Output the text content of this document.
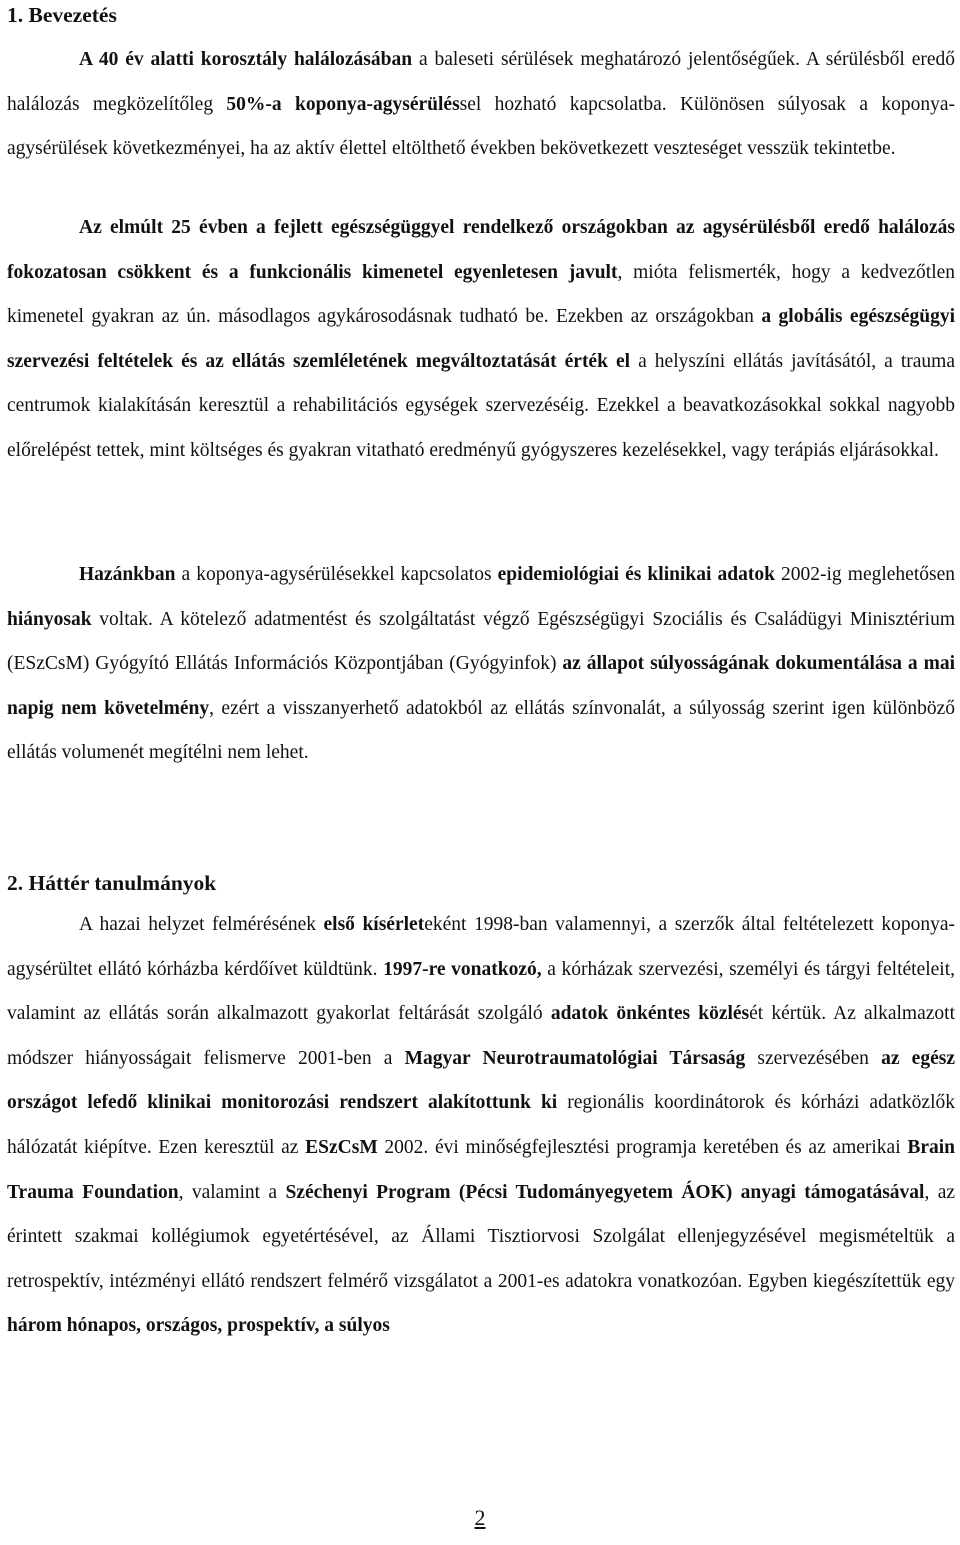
1. Bevezetés

A 40 év alatti korosztály halálozásában a baleseti sérülések meghatározó jelentőségűek. A sérülésből eredő halálozás megközelítőleg 50%-a koponya-agysérüléssel hozható kapcsolatba. Különösen súlyosak a koponya-agysérülések következményei, ha az aktív élettel eltölthető években bekövetkezett veszteséget vesszük tekintetbe.

Az elmúlt 25 évben a fejlett egészségüggyel rendelkező országokban az agysérülésből eredő halálozás fokozatosan csökkent és a funkcionális kimenetel egyenletesen javult, mióta felismerték, hogy a kedvezőtlen kimenetel gyakran az ún. másodlagos agykárosodásnak tudható be. Ezekben az országokban a globális egészségügyi szervezési feltételek és az ellátás szemléletének megváltoztatását érték el a helyszíni ellátás javításától, a trauma centrumok kialakításán keresztül a rehabilitációs egységek szervezéséig. Ezekkel a beavatkozásokkal sokkal nagyobb előrelépést tettek, mint költséges és gyakran vitatható eredményű gyógyszeres kezelésekkel, vagy terápiás eljárásokkal.

Hazánkban a koponya-agysérülésekkel kapcsolatos epidemiológiai és klinikai adatok 2002-ig meglehetősen hiányosak voltak. A kötelező adatmentést és szolgáltatást végző Egészségügyi Szociális és Családügyi Minisztérium (ESzCsM) Gyógyító Ellátás Információs Központjában (Gyógyinfok) az állapot súlyosságának dokumentálása a mai napig nem követelmény, ezért a visszanyerhető adatokból az ellátás színvonalát, a súlyosság szerint igen különböző ellátás volumenét megítélni nem lehet.

2. Háttér tanulmányok

A hazai helyzet felmérésének első kísérleteként 1998-ban valamennyi, a szerzők által feltételezett koponya-agysérültet ellátó kórházba kérdőívet küldtünk. 1997-re vonatkozó, a kórházak szervezési, személyi és tárgyi feltételeit, valamint az ellátás során alkalmazott gyakorlat feltárását szolgáló adatok önkéntes közlését kértük. Az alkalmazott módszer hiányosságait felismerve 2001-ben a Magyar Neurotraumatológiai Társaság szervezésében az egész országot lefedő klinikai monitorozási rendszert alakítottunk ki regionális koordinátorok és kórházi adatközlők hálózatát kiépítve. Ezen keresztül az ESzCsM 2002. évi minőségfejlesztési programja keretében és az amerikai Brain Trauma Foundation, valamint a Széchenyi Program (Pécsi Tudományegyetem ÁOK) anyagi támogatásával, az érintett szakmai kollégiumok egyetértésével, az Állami Tisztiorvosi Szolgálat ellenjegyzésével megismételtük a retrospektív, intézményi ellátó rendszert felmérő vizsgálatot a 2001-es adatokra vonatkozóan. Egyben kiegészítettük egy három hónapos, országos, prospektív, a súlyos

2
